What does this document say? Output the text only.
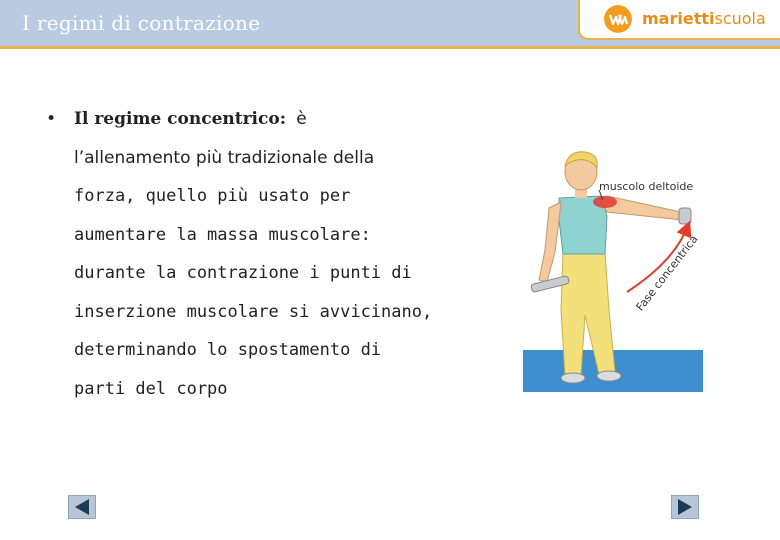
I regimi di contrazione	mariettiscuola
• Il regime concentrico: è
l’allenamento più tradizionale della
forza, quello più usato per
aumentare la massa muscolare:
durante la contrazione i punti di
inserzione muscolare si avvicinano,
determinando lo spostamento di
parti del corpo
muscolo deltoide
Fase concentrica
